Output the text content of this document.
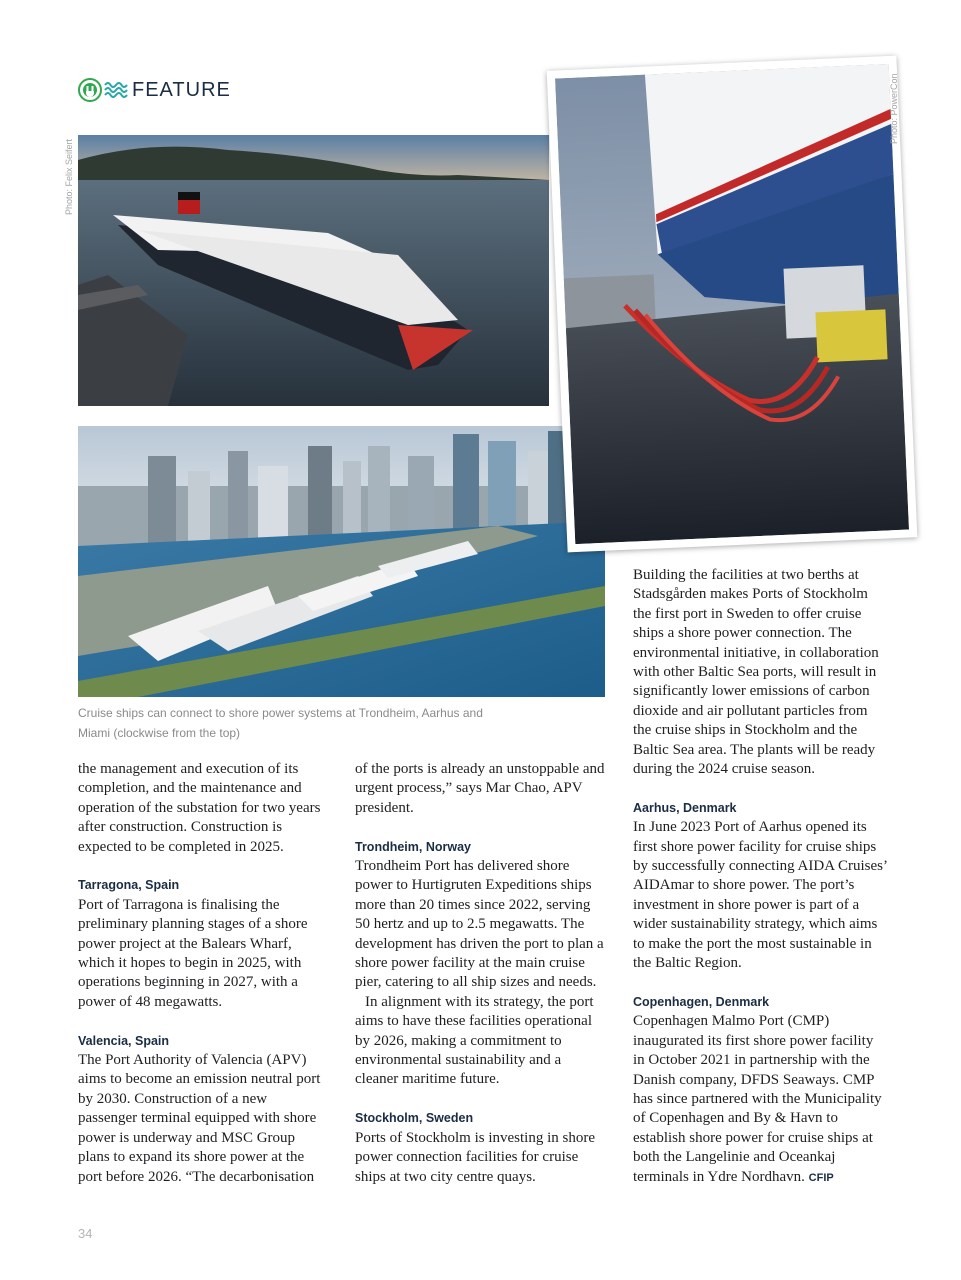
FEATURE
Photo: Felix Seifert
Photo: PowerCon
Cruise ships can connect to shore power systems at Trondheim, Aarhus and Miami (clockwise from the top)

the management and execution of its completion, and the maintenance and operation of the substation for two years after construction. Construction is expected to be completed in 2025.

Tarragona, Spain

Port of Tarragona is finalising the preliminary planning stages of a shore power project at the Balears Wharf, which it hopes to begin in 2025, with operations beginning in 2027, with a power of 48 megawatts.

Valencia, Spain

The Port Authority of Valencia (APV) aims to become an emission neutral port by 2030. Construction of a new passenger terminal equipped with shore power is underway and MSC Group plans to expand its shore power at the port before 2026. “The decarbonisation

of the ports is already an unstoppable and urgent process,” says Mar Chao, APV president.

Trondheim, Norway

Trondheim Port has delivered shore power to Hurtigruten Expeditions ships more than 20 times since 2022, serving 50 hertz and up to 2.5 megawatts. The development has driven the port to plan a shore power facility at the main cruise pier, catering to all ship sizes and needs.

In alignment with its strategy, the port aims to have these facilities operational by 2026, making a commitment to environmental sustainability and a cleaner maritime future.

Stockholm, Sweden

Ports of Stockholm is investing in shore power connection facilities for cruise ships at two city centre quays.

Building the facilities at two berths at Stadsgården makes Ports of Stockholm the first port in Sweden to offer cruise ships a shore power connection. The environmental initiative, in collaboration with other Baltic Sea ports, will result in significantly lower emissions of carbon dioxide and air pollutant particles from the cruise ships in Stockholm and the Baltic Sea area. The plants will be ready during the 2024 cruise season.

Aarhus, Denmark

In June 2023 Port of Aarhus opened its first shore power facility for cruise ships by successfully connecting AIDA Cruises’ AIDAmar to shore power. The port’s investment in shore power is part of a wider sustainability strategy, which aims to make the port the most sustainable in the Baltic Region.

Copenhagen, Denmark

Copenhagen Malmo Port (CMP) inaugurated its first shore power facility in October 2021 in partnership with the Danish company, DFDS Seaways. CMP has since partnered with the Municipality of Copenhagen and By & Havn to establish shore power for cruise ships at both the Langelinie and Oceankaj terminals in Ydre Nordhavn. CFIP

34
